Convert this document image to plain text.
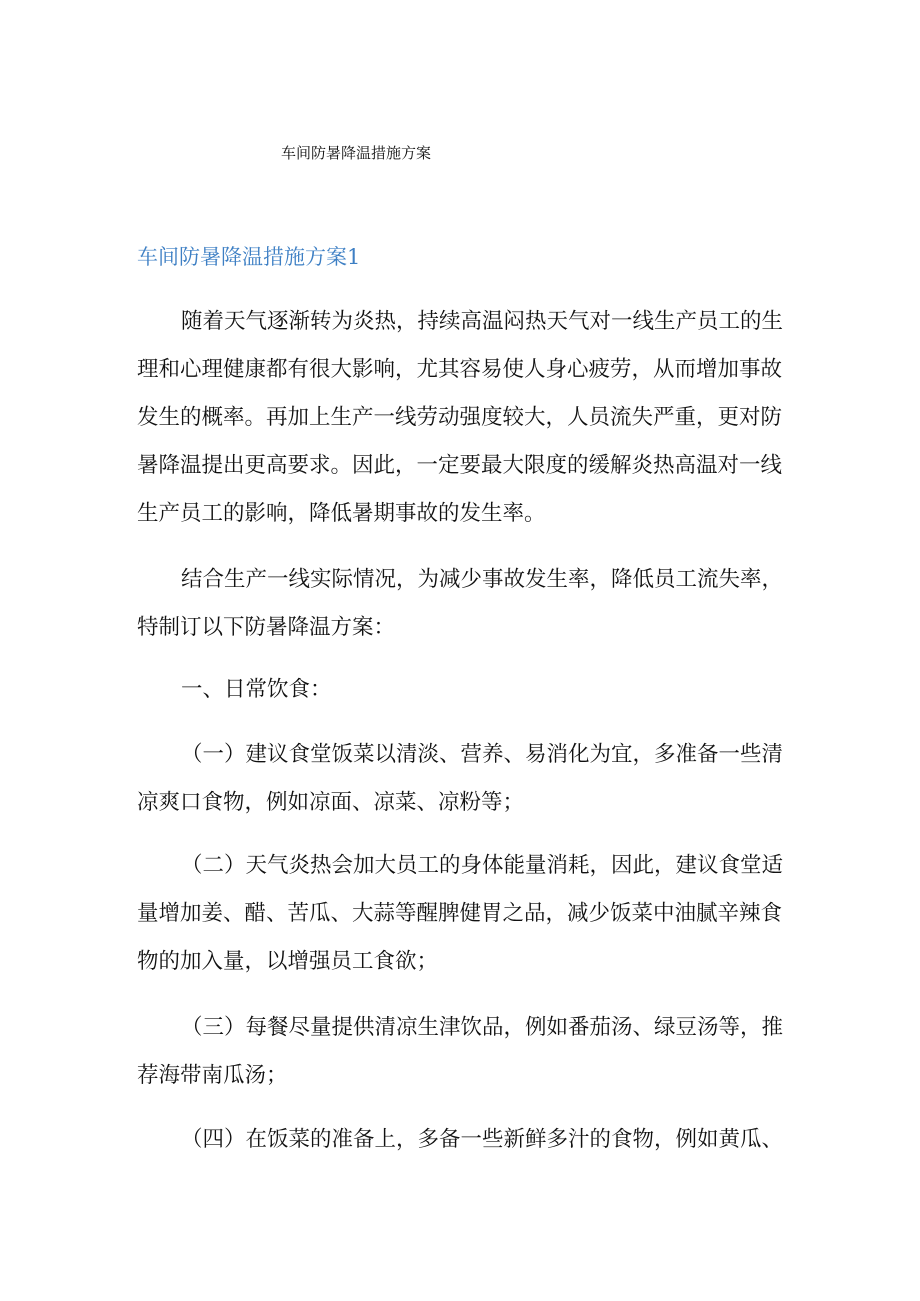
车间防暑降温措施方案
车间防暑降温措施方案1
随着天气逐渐转为炎热，持续高温闷热天气对一线生产员工的生
理和心理健康都有很大影响，尤其容易使人身心疲劳，从而增加事故
发生的概率。再加上生产一线劳动强度较大，人员流失严重，更对防
暑降温提出更高要求。因此，一定要最大限度的缓解炎热高温对一线
生产员工的影响，降低暑期事故的发生率。
结合生产一线实际情况，为减少事故发生率，降低员工流失率，
特制订以下防暑降温方案：
一、日常饮食：
（一）建议食堂饭菜以清淡、营养、易消化为宜，多准备一些清
凉爽口食物，例如凉面、凉菜、凉粉等；
（二）天气炎热会加大员工的身体能量消耗，因此，建议食堂适
量增加姜、醋、苦瓜、大蒜等醒脾健胃之品，减少饭菜中油腻辛辣食
物的加入量，以增强员工食欲；
（三）每餐尽量提供清凉生津饮品，例如番茄汤、绿豆汤等，推
荐海带南瓜汤；
（四）在饭菜的准备上，多备一些新鲜多汁的食物，例如黄瓜、
